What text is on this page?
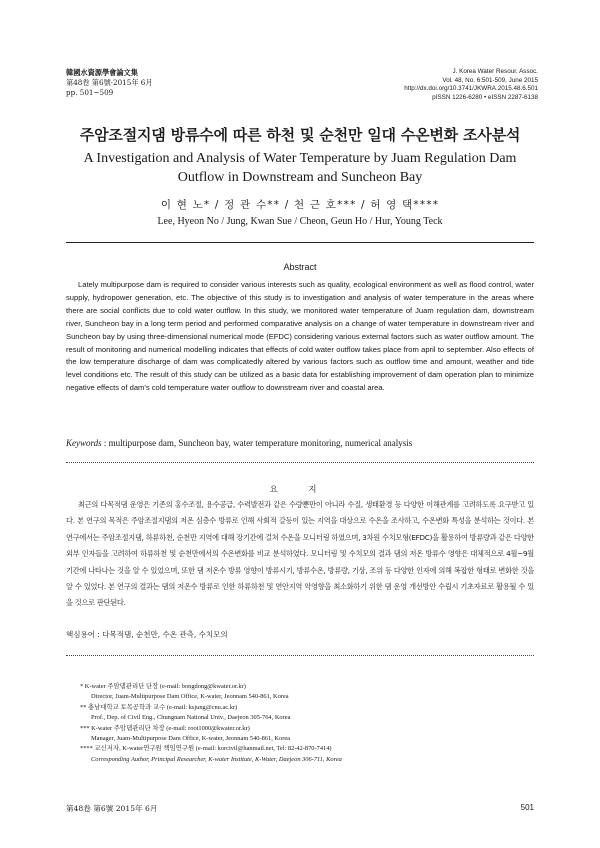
韓國水資源學會論文集
第48卷 第6號·2015年 6月
pp. 501~509
J. Korea Water Resour. Assoc.
Vol. 48, No. 6:501-509, June 2015
http://dx.doi.org/10.3741/JKWRA.2015.48.6.501
pISSN 1226-6280 • eISSN 2287-6138
주암조절지댐 방류수에 따른 하천 및 순천만 일대 수온변화 조사분석
A Investigation and Analysis of Water Temperature by Juam Regulation Dam
Outflow in Downstream and Suncheon Bay
이 현 노* / 정 관 수** / 천 근 호*** / 허 영 택****
Lee, Hyeon No / Jung, Kwan Sue / Cheon, Geun Ho / Hur, Young Teck
Abstract

Lately multipurpose dam is required to consider various interests such as quality, ecological environment as well as flood control, water supply, hydropower generation, etc. The objective of this study is to investigation and analysis of water temperature in the areas where there are social conflicts due to cold water outflow. In this study, we monitored water temperature of Juam regulation dam, downstream river, Suncheon bay in a long term period and performed comparative analysis on a change of water temperature in downstream river and Suncheon bay by using three-dimensional numerical mode (EFDC) considering various external factors such as water outflow amount. The result of monitoring and numerical modelling indicates that effects of cold water outflow takes place from april to september. Also effects of the low temperature discharge of dam was complicatedly altered by various factors such as outflow time and amount, weather and tide level conditions etc. The result of this study can be utilized as a basic data for establishing improvement of dam operation plan to minimize negative effects of dam's cold temperature water outflow to downstream river and coastal area.

Keywords : multipurpose dam, Suncheon bay, water temperature monitoring, numerical analysis
요 지

최근의 다목적댐 운영은 기존의 홍수조절, 용수공급, 수력발전과 같은 수량뿐만이 아니라 수질, 생태환경 등 다양한 이해관계를 고려하도록 요구받고 있다. 본 연구의 목적은 주암조절지댐의 저온 심층수 방류로 인해 사회적 갈등이 있는 지역을 대상으로 수온을 조사하고, 수온변화 특성을 분석하는 것이다. 본 연구에서는 주암조절지댐, 하류하천, 순천만 지역에 대해 장기간에 걸쳐 수온을 모니터링 하였으며, 3차원 수치모형(EFDC)을 활용하여 방류량과 같은 다양한 외부 인자들을 고려하여 하류하천 및 순천만에서의 수온변화를 비교 분석하였다. 모니터링 및 수치모의 결과 댐의 저온 방류수 영향은 대체적으로 4월~9월 기간에 나타나는 것을 알 수 있었으며, 또한 댐 저온수 방류 영향이 방류시기, 방류수온, 방류량, 기상, 조위 등 다양한 인자에 의해 복잡한 형태로 변화한 것을 알 수 있었다. 본 연구의 결과는 댐의 저온수 방류로 인한 하류하천 및 연안지역 악영향을 최소화하기 위한 댐 운영 개선방안 수립시 기초자료로 활용될 수 있을 것으로 판단된다.

핵심용어 : 다목적댐, 순천만, 수온 관측, 수치모의
* K-water 주암댐관리단 단장 (e-mail: bongdong@kwater.or.kr)
Director, Juam-Multipurpose Dam Office, K-water, Jeonnam 540-861, Korea
** 충남대학교 토목공학과 교수 (e-mail: ksjung@cnu.ac.kr)
Prof., Dep. of Civil Eng., Chungnam National Univ., Daejeon 305-764, Korea
*** K-water 주암댐관리단 차장 (e-mail: root1000@kwater.or.kr)
Manager, Juam-Multipurpose Dam Office, K-water, Jeonnam 540-861, Korea
**** 교신저자, K-water연구원 책임연구원 (e-mail: korcivil@hanmail.net, Tel: 82-42-870-7414)
Corresponding Author, Principal Researcher, K-water Institute, K-Water, Daejeon 306-711, Korea
第48卷 第6號 2015年 6月	501
